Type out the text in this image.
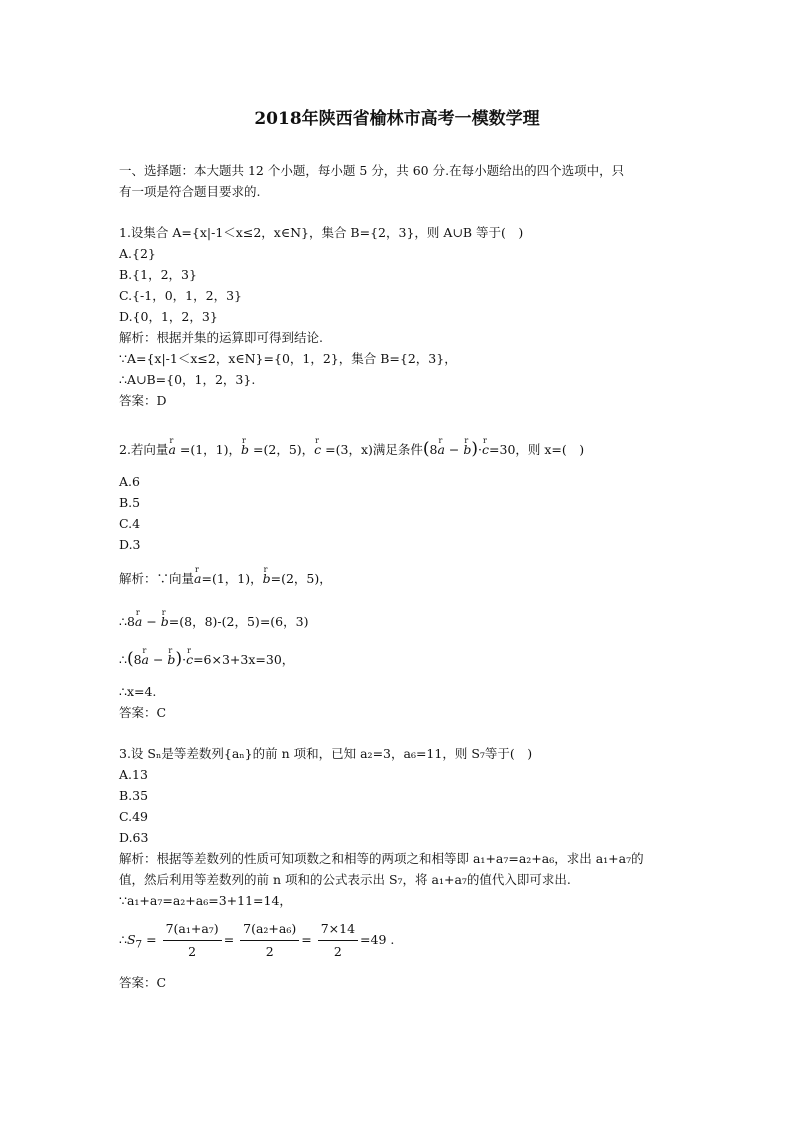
2018年陕西省榆林市高考一模数学理
一、选择题：本大题共 12 个小题，每小题 5 分，共 60 分.在每小题给出的四个选项中，只
有一项是符合题目要求的.
1.设集合 A={x|-1＜x≤2，x∈N}，集合 B={2，3}，则 A∪B 等于(　)
A.{2}
B.{1，2，3}
C.{-1，0，1，2，3}
D.{0，1，2，3}
解析：根据并集的运算即可得到结论.
∵A={x|-1＜x≤2，x∈N}={0，1，2}，集合 B={2，3}，
∴A∪B={0，1，2，3}.
答案：D
2.若向量r a =(1，1)，r b =(2，5)，r c =(3，x)满足条件(8r a − r b)·r c=30，则 x=(　)
A.6
B.5
C.4
D.3
解析：∵向量r a=(1，1)，r b=(2，5)，
∴8r a − r b=(8，8)-(2，5)=(6，3)
∴(8r a − r b)·r c=6×3+3x=30，
∴x=4.
答案：C
3.设 Sₙ是等差数列{aₙ}的前 n 项和，已知 a₂=3，a₆=11，则 S₇等于(　)
A.13
B.35
C.49
D.63
解析：根据等差数列的性质可知项数之和相等的两项之和相等即 a₁+a₇=a₂+a₆，求出 a₁+a₇的
值，然后利用等差数列的前 n 项和的公式表示出 S₇，将 a₁+a₇的值代入即可求出.
∵a₁+a₇=a₂+a₆=3+11=14，
$\therefore S_7 = \frac{\text{7(a₁+a₇)}}{2} = \frac{\text{7(a₂+a₆)}}{2} = \frac{7\times 14}{2} =49$ .
答案：C
